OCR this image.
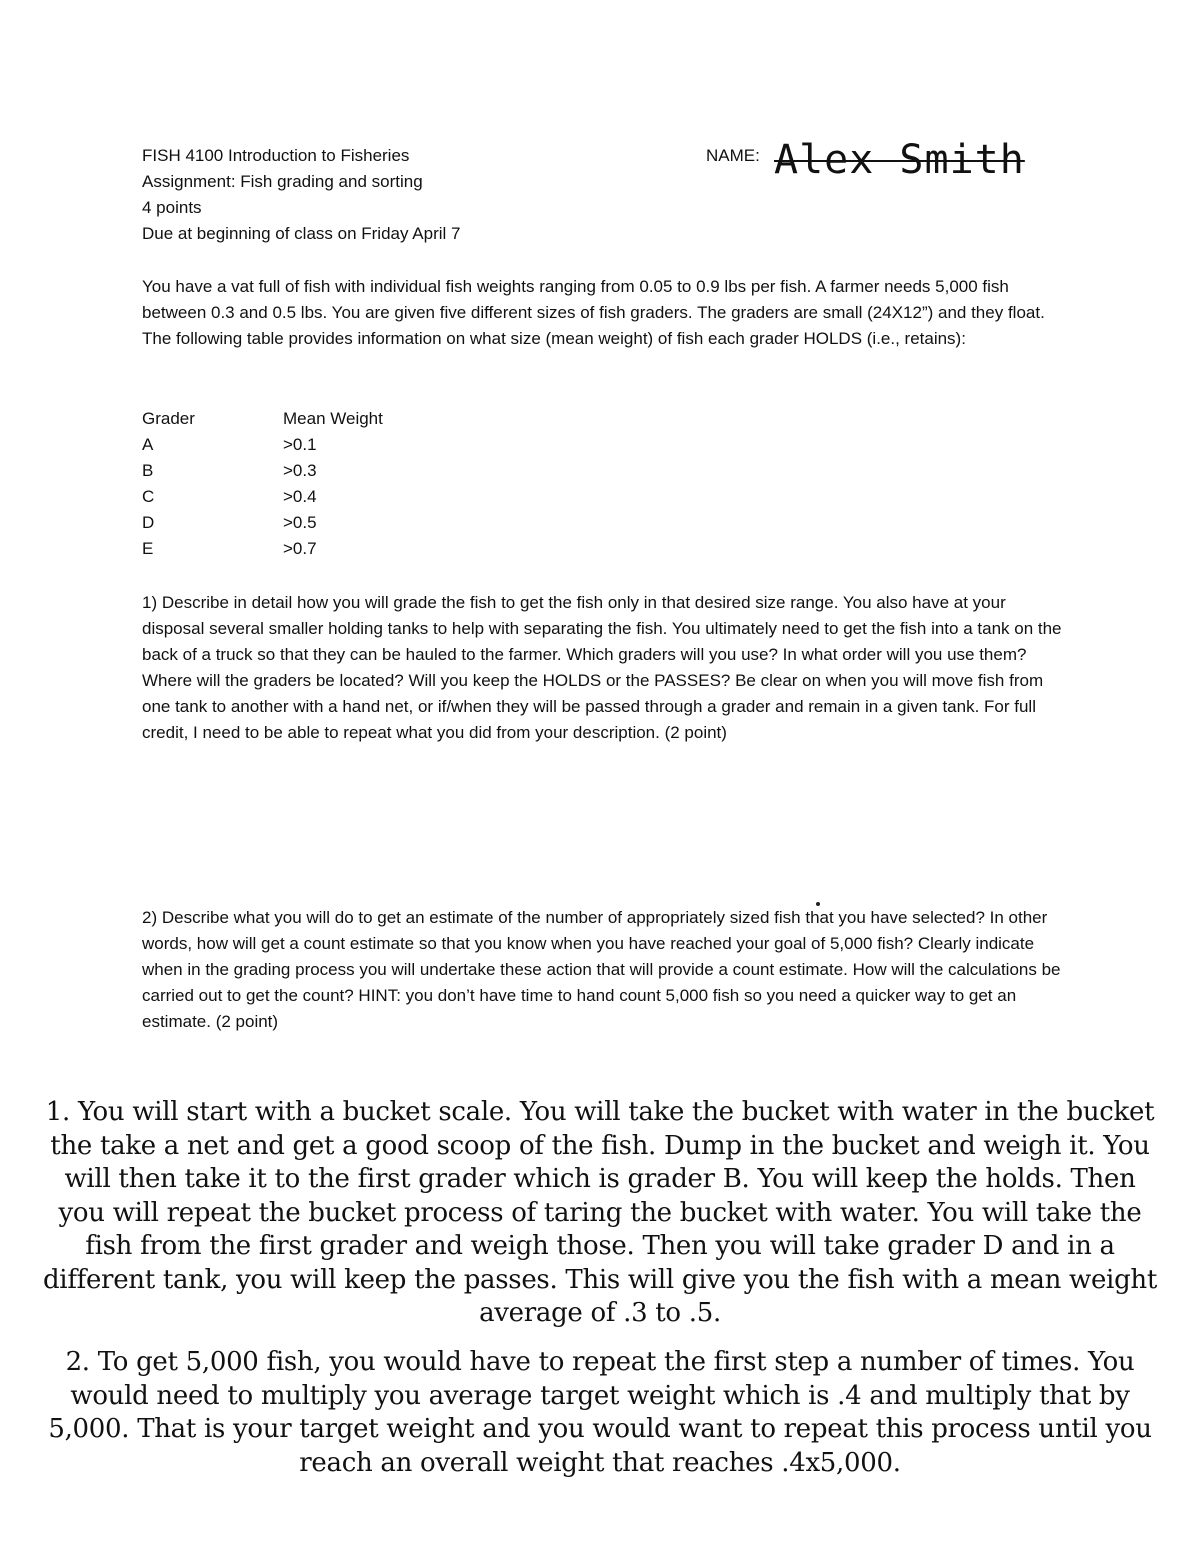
FISH 4100 Introduction to Fisheries
Assignment: Fish grading and sorting
4 points
Due at beginning of class on Friday April 7
NAME: Alex Smith
You have a vat full of fish with individual fish weights ranging from 0.05 to 0.9 lbs per fish. A farmer needs 5,000 fish between 0.3 and 0.5 lbs. You are given five different sizes of fish graders. The graders are small (24X12”) and they float. The following table provides information on what size (mean weight) of fish each grader HOLDS (i.e., retains):
Grader	Mean Weight
A	>0.1
B	>0.3
C	>0.4
D	>0.5
E	>0.7
1) Describe in detail how you will grade the fish to get the fish only in that desired size range. You also have at your disposal several smaller holding tanks to help with separating the fish. You ultimately need to get the fish into a tank on the back of a truck so that they can be hauled to the farmer. Which graders will you use? In what order will you use them? Where will the graders be located? Will you keep the HOLDS or the PASSES? Be clear on when you will move fish from one tank to another with a hand net, or if/when they will be passed through a grader and remain in a given tank. For full credit, I need to be able to repeat what you did from your description. (2 point)
2) Describe what you will do to get an estimate of the number of appropriately sized fish that you have selected? In other words, how will get a count estimate so that you know when you have reached your goal of 5,000 fish? Clearly indicate when in the grading process you will undertake these action that will provide a count estimate. How will the calculations be carried out to get the count? HINT: you don’t have time to hand count 5,000 fish so you need a quicker way to get an estimate. (2 point)
1. You will start with a bucket scale. You will take the bucket with water in the bucket the take a net and get a good scoop of the fish. Dump in the bucket and weigh it. You will then take it to the first grader which is grader B. You will keep the holds. Then you will repeat the bucket process of taring the bucket with water. You will take the fish from the first grader and weigh those. Then you will take grader D and in a different tank, you will keep the passes. This will give you the fish with a mean weight average of .3 to .5.
2. To get 5,000 fish, you would have to repeat the first step a number of times. You would need to multiply you average target weight which is .4 and multiply that by 5,000. That is your target weight and you would want to repeat this process until you reach an overall weight that reaches .4x5,000.
